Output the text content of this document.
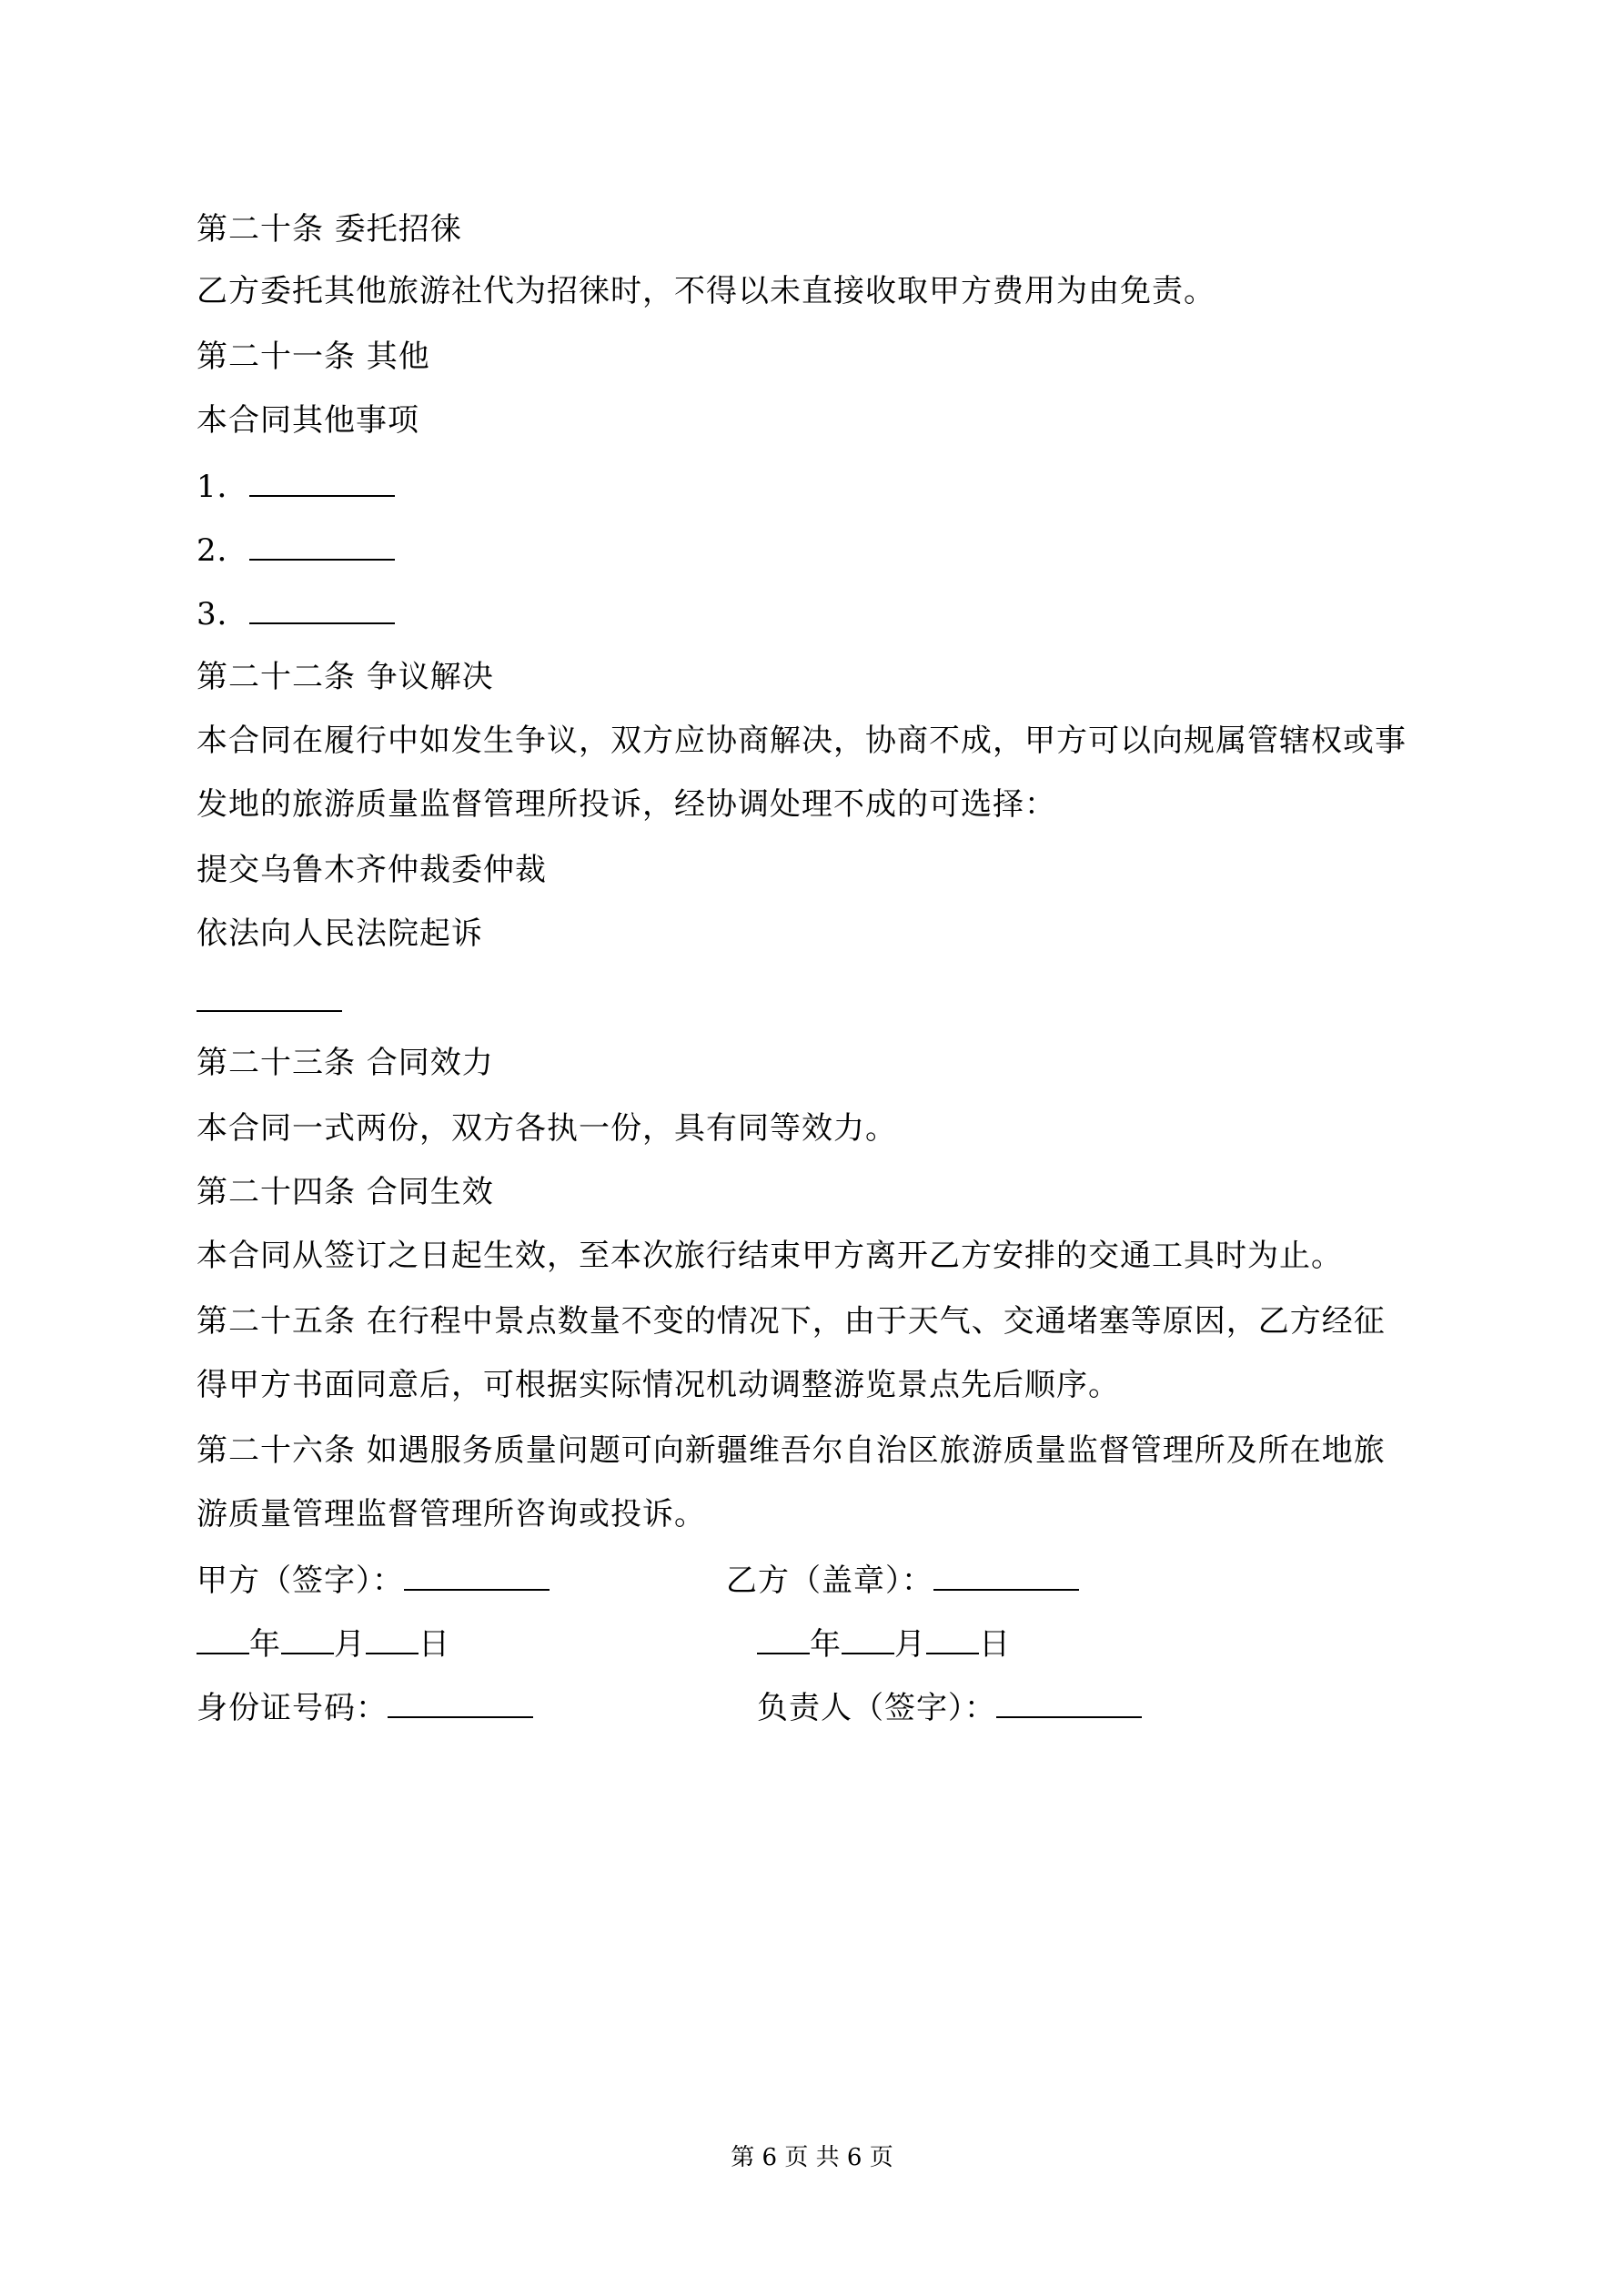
第二十条 委托招徕
乙方委托其他旅游社代为招徕时，不得以未直接收取甲方费用为由免责。
第二十一条 其他
本合同其他事项
1．
2．
3．
第二十二条 争议解决
本合同在履行中如发生争议，双方应协商解决，协商不成，甲方可以向规属管辖权或事
发地的旅游质量监督管理所投诉，经协调处理不成的可选择：
提交乌鲁木齐仲裁委仲裁
依法向人民法院起诉
第二十三条 合同效力
本合同一式两份，双方各执一份，具有同等效力。
第二十四条 合同生效
本合同从签订之日起生效，至本次旅行结束甲方离开乙方安排的交通工具时为止。
第二十五条 在行程中景点数量不变的情况下，由于天气、交通堵塞等原因，乙方经征
得甲方书面同意后，可根据实际情况机动调整游览景点先后顺序。
第二十六条 如遇服务质量问题可向新疆维吾尔自治区旅游质量监督管理所及所在地旅
游质量管理监督管理所咨询或投诉。
甲方（签字）：	乙方（盖章）：
年 月 日	年 月 日
身份证号码：	负责人（签字）：
第 6 页 共 6 页
